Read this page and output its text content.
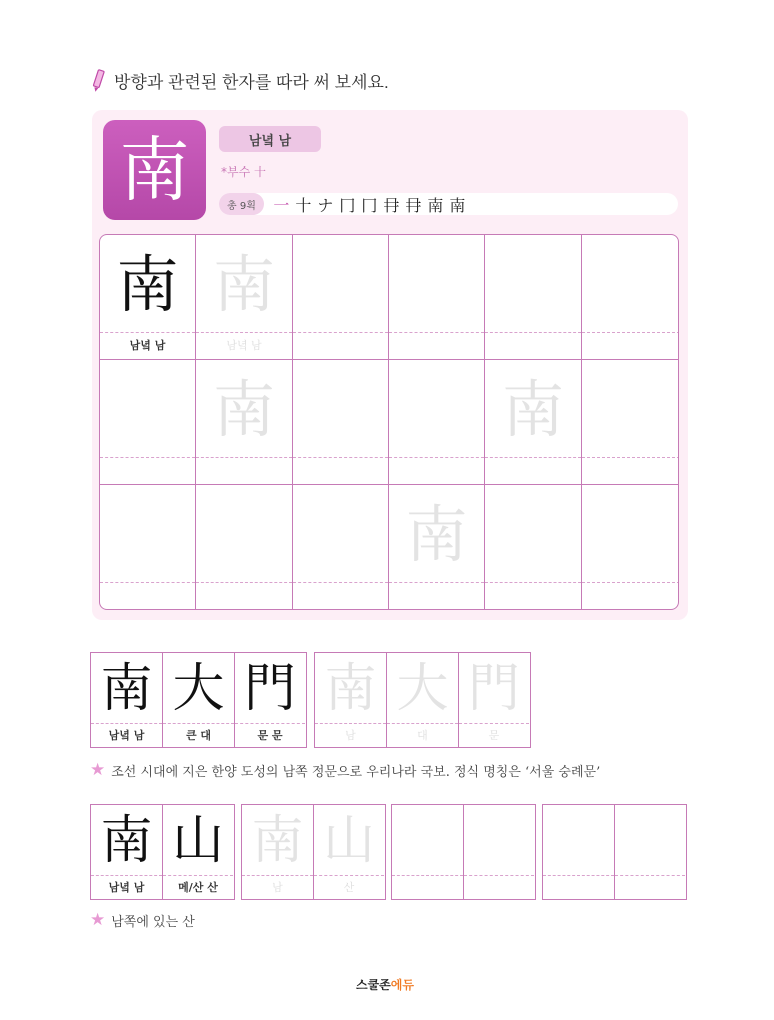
방향과 관련된 한자를 따라 써 보세요.
南	남녘 남
*부수 十
총 9획	一 十 ナ 冂 冂 冄 冄 南 南
南
남녘 남
南
남녘 남
南	南
南
南
남녘 남
大
큰 대
門
문 문
南
남
大
대
門
문
★ 조선 시대에 지은 한양 도성의 남쪽 정문으로 우리나라 국보. 정식 명칭은 ‘서울 숭례문’
南
남녘 남
山
메/산 산
南
남
山
산
★ 남쪽에 있는 산
스쿨존에듀
